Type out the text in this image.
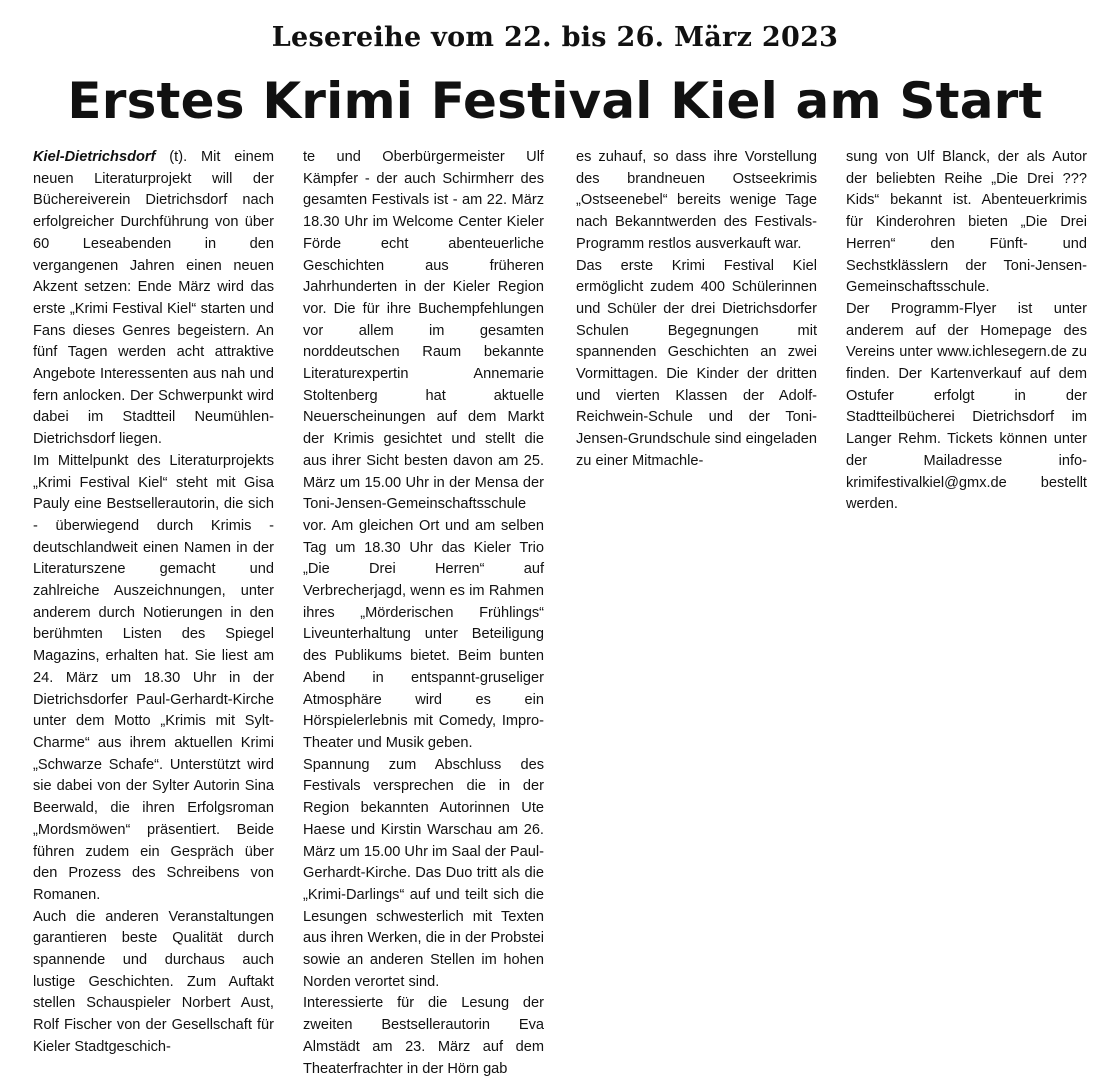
Lesereihe vom 22. bis 26. März 2023
Erstes Krimi Festival Kiel am Start

Kiel-Dietrichsdorf (t). Mit einem neuen Literaturprojekt will der Büchereiverein Dietrichsdorf nach erfolgreicher Durchführung von über 60 Leseabenden in den vergangenen Jahren einen neuen Akzent setzen: Ende März wird das erste „Krimi Festival Kiel“ starten und Fans dieses Genres begeistern. An fünf Tagen werden acht attraktive Angebote Interessenten aus nah und fern anlocken. Der Schwerpunkt wird dabei im Stadtteil Neumühlen-Dietrichsdorf liegen.

Im Mittelpunkt des Literaturprojekts „Krimi Festival Kiel“ steht mit Gisa Pauly eine Bestsellerautorin, die sich - überwiegend durch Krimis - deutschlandweit einen Namen in der Literaturszene gemacht und zahlreiche Auszeichnungen, unter anderem durch Notierungen in den berühmten Listen des Spiegel Magazins, erhalten hat. Sie liest am 24. März um 18.30 Uhr in der Dietrichsdorfer Paul-Gerhardt-Kirche unter dem Motto „Krimis mit Sylt-Charme“ aus ihrem aktuellen Krimi „Schwarze Schafe“. Unterstützt wird sie dabei von der Sylter Autorin Sina Beerwald, die ihren Erfolgsroman „Mordsmöwen“ präsentiert. Beide führen zudem ein Gespräch über den Prozess des Schreibens von Romanen.

Auch die anderen Veranstaltungen garantieren beste Qualität durch spannende und durchaus auch lustige Geschichten. Zum Auftakt stellen Schauspieler Norbert Aust, Rolf Fischer von der Gesellschaft für Kieler Stadtgeschich-

te und Oberbürgermeister Ulf Kämpfer - der auch Schirmherr des gesamten Festivals ist - am 22. März 18.30 Uhr im Welcome Center Kieler Förde echt abenteuerliche Geschichten aus früheren Jahrhunderten in der Kieler Region vor. Die für ihre Buchempfehlungen vor allem im gesamten norddeutschen Raum bekannte Literaturexpertin Annemarie Stoltenberg hat aktuelle Neuerscheinungen auf dem Markt der Krimis gesichtet und stellt die aus ihrer Sicht besten davon am 25. März um 15.00 Uhr in der Mensa der Toni-Jensen-Gemeinschaftsschule vor. Am gleichen Ort und am selben Tag um 18.30 Uhr das Kieler Trio „Die Drei Herren“ auf Verbrecherjagd, wenn es im Rahmen ihres „Mörderischen Frühlings“ Liveunterhaltung unter Beteiligung des Publikums bietet. Beim bunten Abend in entspannt-gruseliger Atmosphäre wird es ein Hörspielerlebnis mit Comedy, Impro-Theater und Musik geben.

Spannung zum Abschluss des Festivals versprechen die in der Region bekannten Autorinnen Ute Haese und Kirstin Warschau am 26. März um 15.00 Uhr im Saal der Paul-Gerhardt-Kirche. Das Duo tritt als die „Krimi-Darlings“ auf und teilt sich die Lesungen schwesterlich mit Texten aus ihren Werken, die in der Probstei sowie an anderen Stellen im hohen Norden verortet sind.

Interessierte für die Lesung der zweiten Bestsellerautorin Eva Almstädt am 23. März auf dem Theaterfrachter in der Hörn gab

es zuhauf, so dass ihre Vorstellung des brandneuen Ostseekrimis „Ostseenebel“ bereits wenige Tage nach Bekanntwerden des Festivals-Programm restlos ausverkauft war.

Das erste Krimi Festival Kiel ermöglicht zudem 400 Schülerinnen und Schüler der drei Dietrichsdorfer Schulen Begegnungen mit spannenden Geschichten an zwei Vormittagen. Die Kinder der dritten und vierten Klassen der Adolf-Reichwein-Schule und der Toni-Jensen-Grundschule sind eingeladen zu einer Mitmachle-

sung von Ulf Blanck, der als Autor der beliebten Reihe „Die Drei ??? Kids“ bekannt ist. Abenteuerkrimis für Kinderohren bieten „Die Drei Herren“ den Fünft- und Sechstklässlern der Toni-Jensen-Gemeinschaftsschule.

Der Programm-Flyer ist unter anderem auf der Homepage des Vereins unter www.ichlesegern.de zu finden. Der Kartenverkauf auf dem Ostufer erfolgt in der Stadtteilbücherei Dietrichsdorf im Langer Rehm. Tickets können unter der Mailadresse info-krimifestivalkiel@gmx.de bestellt werden.
